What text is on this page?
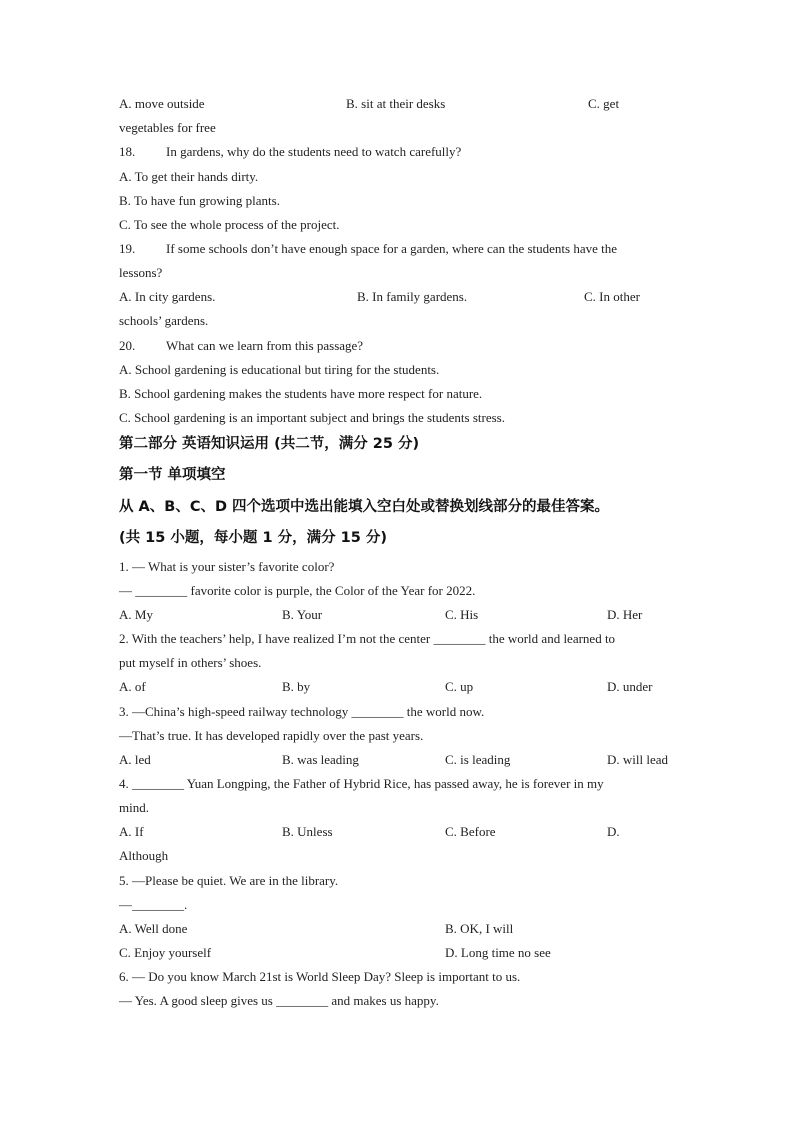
A. move outside	B. sit at their desks	C. get
vegetables for free
18. In gardens, why do the students need to watch carefully?
A. To get their hands dirty.
B. To have fun growing plants.
C. To see the whole process of the project.
19. If some schools don’t have enough space for a garden, where can the students have the
lessons?
A. In city gardens.	B. In family gardens.	C. In other
schools’ gardens.
20. What can we learn from this passage?
A. School gardening is educational but tiring for the students.
B. School gardening makes the students have more respect for nature.
C. School gardening is an important subject and brings the students stress.
第二部分 英语知识运用 (共二节，满分 25 分)
第一节 单项填空
从 A、B、C、D 四个选项中选出能填入空白处或替换划线部分的最佳答案。
(共 15 小题，每小题 1 分，满分 15 分)
1. — What is your sister’s favorite color?
— ________ favorite color is purple, the Color of the Year for 2022.
A. My	B. Your	C. His	D. Her
2. With the teachers’ help, I have realized I’m not the center ________ the world and learned to
put myself in others’ shoes.
A. of	B. by	C. up	D. under
3. —China’s high-speed railway technology ________ the world now.
—That’s true. It has developed rapidly over the past years.
A. led	B. was leading	C. is leading	D. will lead
4. ________ Yuan Longping, the Father of Hybrid Rice, has passed away, he is forever in my
mind.
A. If	B. Unless	C. Before	D.
Although
5. —Please be quiet. We are in the library.
—________.
A. Well done	B. OK, I will
C. Enjoy yourself	D. Long time no see
6. — Do you know March 21st is World Sleep Day? Sleep is important to us.
— Yes. A good sleep gives us ________ and makes us happy.
